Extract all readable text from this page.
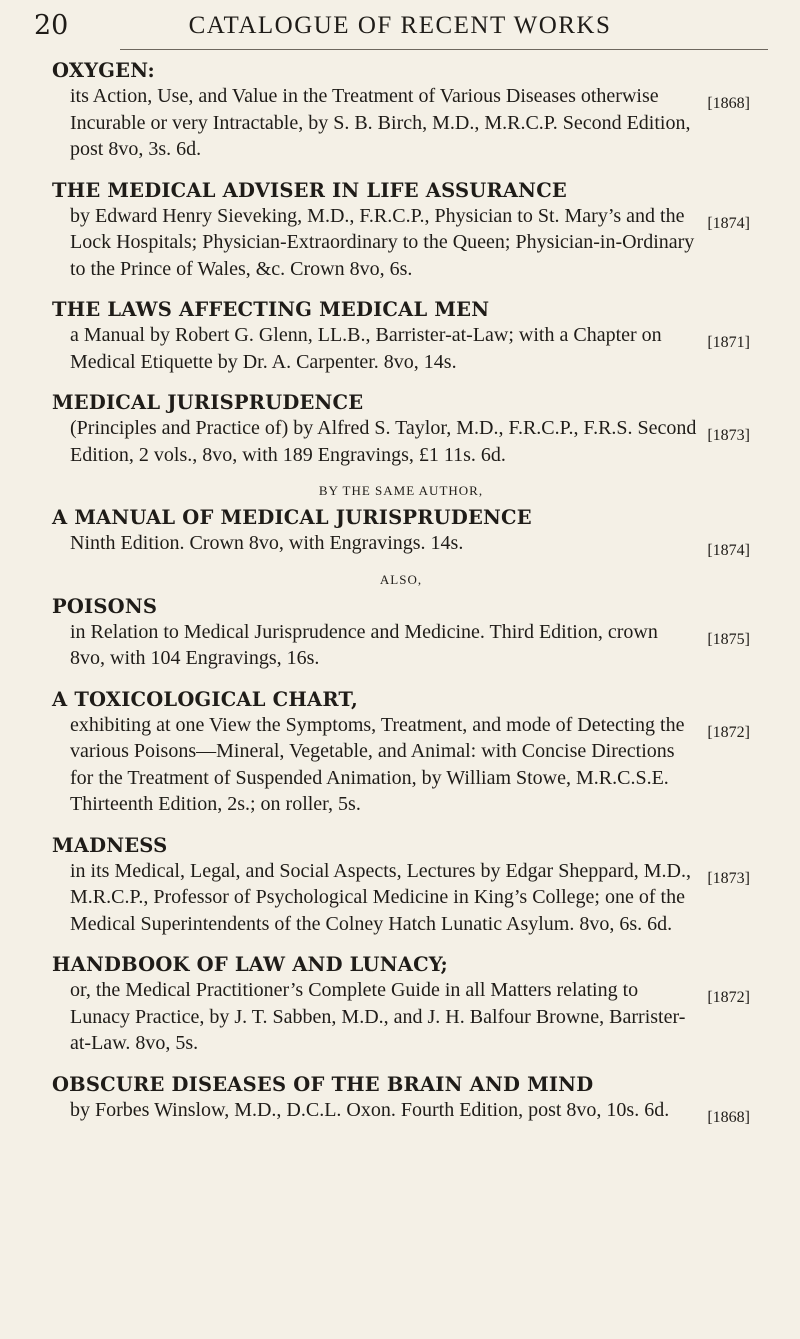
20	CATALOGUE OF RECENT WORKS

OXYGEN:

[1868]
its Action, Use, and Value in the Treatment of Various Diseases otherwise Incurable or very Intractable, by S. B. Birch, M.D., M.R.C.P. Second Edition, post 8vo, 3s. 6d.

THE MEDICAL ADVISER IN LIFE ASSURANCE

[1874]
by Edward Henry Sieveking, M.D., F.R.C.P., Physician to St. Mary’s and the Lock Hospitals; Physician-Extraordinary to the Queen; Physician-in-Ordinary to the Prince of Wales, &c. Crown 8vo, 6s.

THE LAWS AFFECTING MEDICAL MEN

[1871]
a Manual by Robert G. Glenn, LL.B., Barrister-at-Law; with a Chapter on Medical Etiquette by Dr. A. Carpenter. 8vo, 14s.

MEDICAL JURISPRUDENCE

[1873]
(Principles and Practice of) by Alfred S. Taylor, M.D., F.R.C.P., F.R.S. Second Edition, 2 vols., 8vo, with 189 Engravings, £1 11s. 6d.

BY THE SAME AUTHOR,

A MANUAL OF MEDICAL JURISPRUDENCE

[1874]
Ninth Edition. Crown 8vo, with Engravings. 14s.

ALSO,

POISONS

[1875]
in Relation to Medical Jurisprudence and Medicine. Third Edition, crown 8vo, with 104 Engravings, 16s.

A TOXICOLOGICAL CHART,

[1872]
exhibiting at one View the Symptoms, Treatment, and mode of Detecting the various Poisons—Mineral, Vegetable, and Animal: with Concise Directions for the Treatment of Suspended Animation, by William Stowe, M.R.C.S.E. Thirteenth Edition, 2s.; on roller, 5s.

MADNESS

[1873]
in its Medical, Legal, and Social Aspects, Lectures by Edgar Sheppard, M.D., M.R.C.P., Professor of Psychological Medicine in King’s College; one of the Medical Superintendents of the Colney Hatch Lunatic Asylum. 8vo, 6s. 6d.

HANDBOOK OF LAW AND LUNACY;

[1872]
or, the Medical Practitioner’s Complete Guide in all Matters relating to Lunacy Practice, by J. T. Sabben, M.D., and J. H. Balfour Browne, Barrister-at-Law. 8vo, 5s.

OBSCURE DISEASES OF THE BRAIN AND MIND

[1868]
by Forbes Winslow, M.D., D.C.L. Oxon. Fourth Edition, post 8vo, 10s. 6d.
